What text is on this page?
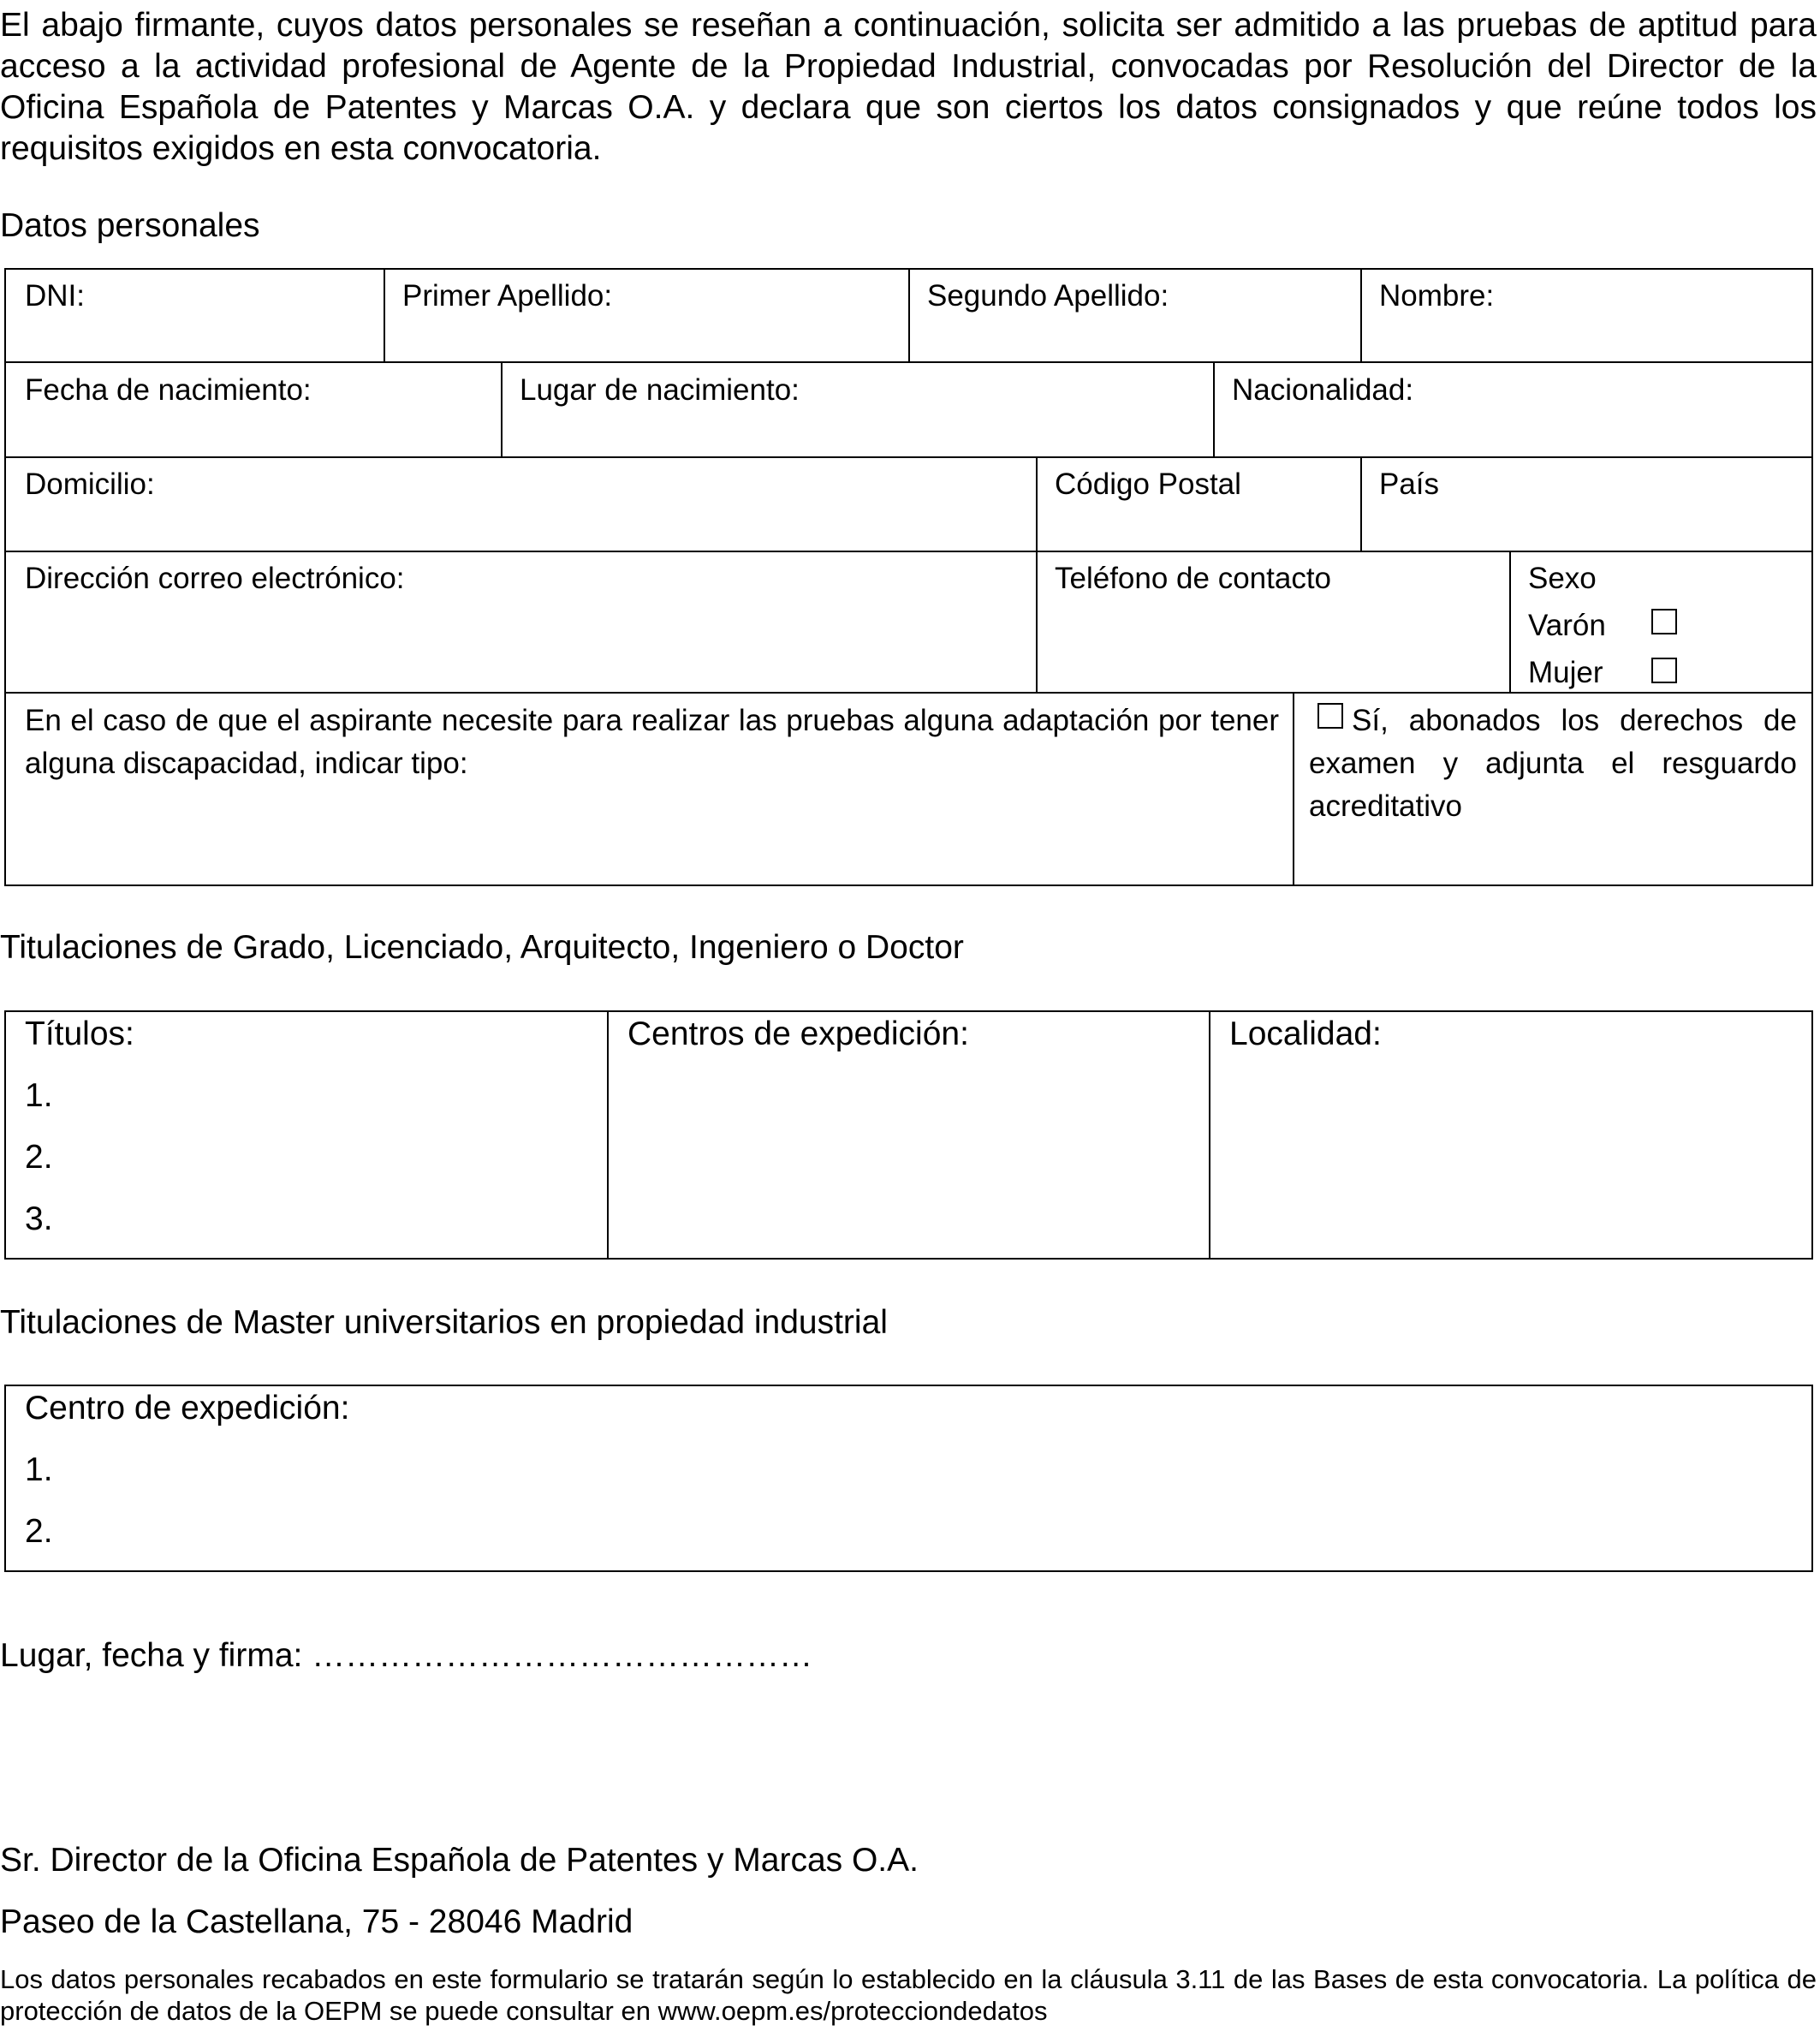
El abajo firmante, cuyos datos personales se reseñan a continuación, solicita ser admitido a las pruebas de aptitud para acceso a la actividad profesional de Agente de la Propiedad Industrial, convocadas por Resolución del Director de la Oficina Española de Patentes y Marcas O.A. y declara que son ciertos los datos consignados y que reúne todos los requisitos exigidos en esta convocatoria.
Datos personales
DNI:	Primer Apellido:	Segundo Apellido:	Nombre:
Fecha de nacimiento:	Lugar de nacimiento:	Nacionalidad:
Domicilio:	Código Postal	País
Dirección correo electrónico:	Teléfono de contacto	Sexo
Varón
Mujer
En el caso de que el aspirante necesite para realizar las pruebas alguna adaptación por tener alguna discapacidad, indicar tipo:
Sí, abonados los derechos de examen y adjunta el resguardo acreditativo
Titulaciones de Grado, Licenciado, Arquitecto, Ingeniero o Doctor
Títulos:
1.
2.
3.
Centros de expedición:	Localidad:
Titulaciones de Master universitarios en propiedad industrial
Centro de expedición:
1.
2.
Lugar, fecha y firma: ………………………………………
Sr. Director de la Oficina Española de Patentes y Marcas O.A.
Paseo de la Castellana, 75 - 28046 Madrid
Los datos personales recabados en este formulario se tratarán según lo establecido en la cláusula 3.11 de las Bases de esta convocatoria. La política de protección de datos de la OEPM se puede consultar en www.oepm.es/protecciondedatos
